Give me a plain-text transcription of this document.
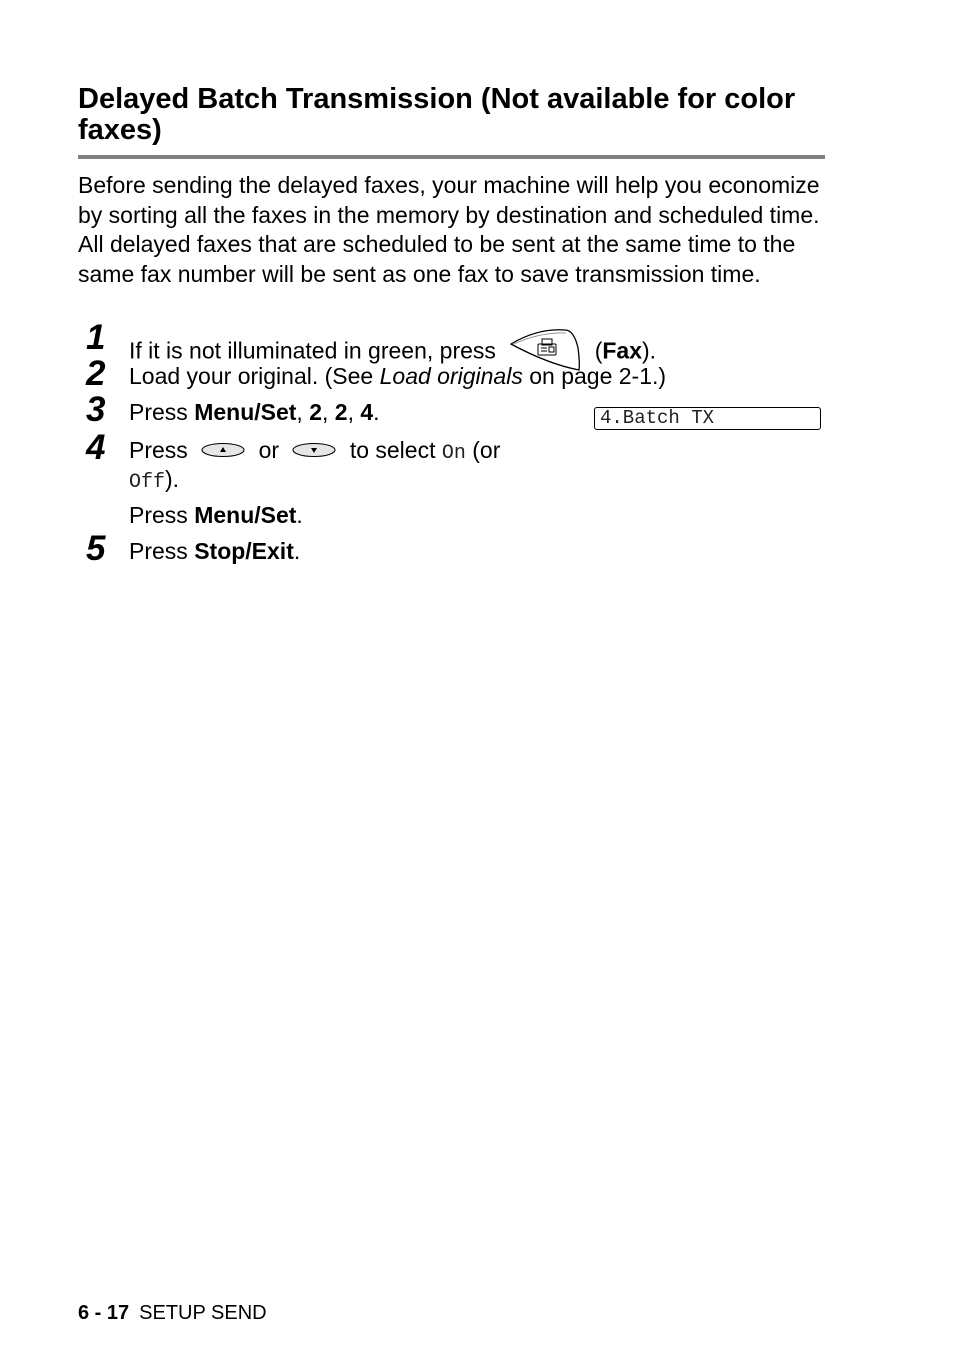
Delayed Batch Transmission (Not available for color faxes)

Before sending the delayed faxes, your machine will help you economize by sorting all the faxes in the memory by destination and scheduled time. All delayed faxes that are scheduled to be sent at the same time to the same fax number will be sent as one fax to save transmission time.

1 If it is not illuminated in green, press	(Fax).
2 Load your original. (See Load originals on page 2-1.)
3 Press Menu/Set, 2, 2, 4.	4.Batch TX
4 Press	or	to select On (or
Off).
Press Menu/Set.
5 Press Stop/Exit.
6 - 17 SETUP SEND
